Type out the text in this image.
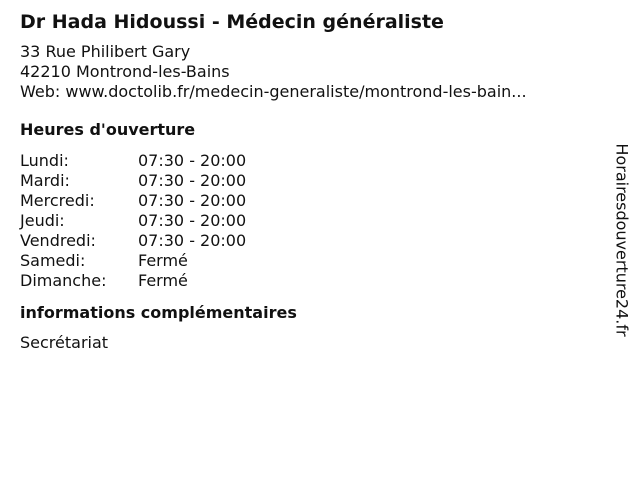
Dr Hada Hidoussi - Médecin généraliste
33 Rue Philibert Gary
42210 Montrond-les-Bains
Web: www.doctolib.fr/medecin-generaliste/montrond-les-bain...
Heures d'ouverture
Lundi:	07:30 - 20:00
Mardi:	07:30 - 20:00
Mercredi:	07:30 - 20:00
Jeudi:	07:30 - 20:00
Vendredi:	07:30 - 20:00
Samedi:	Fermé
Dimanche:	Fermé
informations complémentaires
Secrétariat
Horairesdouverture24.fr
